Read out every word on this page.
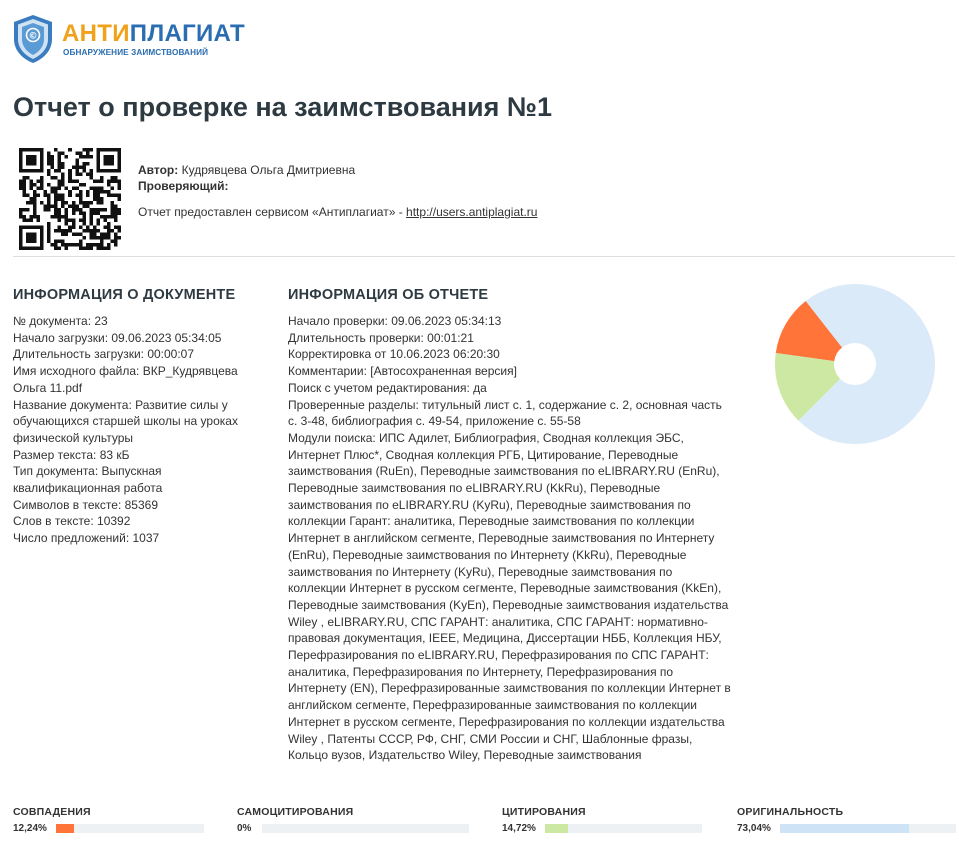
© АНТИПЛАГИАТ
ОБНАРУЖЕНИЕ ЗАИМСТВОВАНИЙ
Отчет о проверке на заимствования №1
Автор: Кудрявцева Ольга Дмитриевна
Проверяющий:
Отчет предоставлен сервисом «Антиплагиат» - http://users.antiplagiat.ru
ИНФОРМАЦИЯ О ДОКУМЕНТЕ

№ документа: 23

Начало загрузки: 09.06.2023 05:34:05

Длительность загрузки: 00:00:07

Имя исходного файла: ВКР_Кудрявцева Ольга 11.pdf

Название документа: Развитие силы у обучающихся старшей школы на уроках физической культуры

Размер текста: 83 кБ

Тип документа: Выпускная квалификационная работа

Символов в тексте: 85369

Слов в тексте: 10392

Число предложений: 1037

ИНФОРМАЦИЯ ОБ ОТЧЕТЕ

Начало проверки: 09.06.2023 05:34:13

Длительность проверки: 00:01:21

Корректировка от 10.06.2023 06:20:30

Комментарии: [Автосохраненная версия]

Поиск с учетом редактирования: да

Проверенные разделы: титульный лист с. 1, содержание с. 2, основная часть с. 3-48, библиография с. 49-54, приложение с. 55-58

Модули поиска: ИПС Адилет, Библиография, Сводная коллекция ЭБС, Интернет Плюс*, Сводная коллекция РГБ, Цитирование, Переводные заимствования (RuEn), Переводные заимствования по eLIBRARY.RU (EnRu), Переводные заимствования по eLIBRARY.RU (KkRu), Переводные заимствования по eLIBRARY.RU (KyRu), Переводные заимствования по коллекции Гарант: аналитика, Переводные заимствования по коллекции Интернет в английском сегменте, Переводные заимствования по Интернету (EnRu), Переводные заимствования по Интернету (KkRu), Переводные заимствования по Интернету (KyRu), Переводные заимствования по коллекции Интернет в русском сегменте, Переводные заимствования (KkEn), Переводные заимствования (KyEn), Переводные заимствования издательства Wiley , eLIBRARY.RU, СПС ГАРАНТ: аналитика, СПС ГАРАНТ: нормативно-правовая документация, IEEE, Медицина, Диссертации НББ, Коллекция НБУ, Перефразирования по eLIBRARY.RU, Перефразирования по СПС ГАРАНТ: аналитика, Перефразирования по Интернету, Перефразирования по Интернету (EN), Перефразированные заимствования по коллекции Интернет в английском сегменте, Перефразированные заимствования по коллекции Интернет в русском сегменте, Перефразирования по коллекции издательства Wiley , Патенты СССР, РФ, СНГ, СМИ России и СНГ, Шаблонные фразы, Кольцо вузов, Издательство Wiley, Переводные заимствования

СОВПАДЕНИЯ
12,24%
САМОЦИТИРОВАНИЯ
0%
ЦИТИРОВАНИЯ
14,72%
ОРИГИНАЛЬНОСТЬ
73,04%
